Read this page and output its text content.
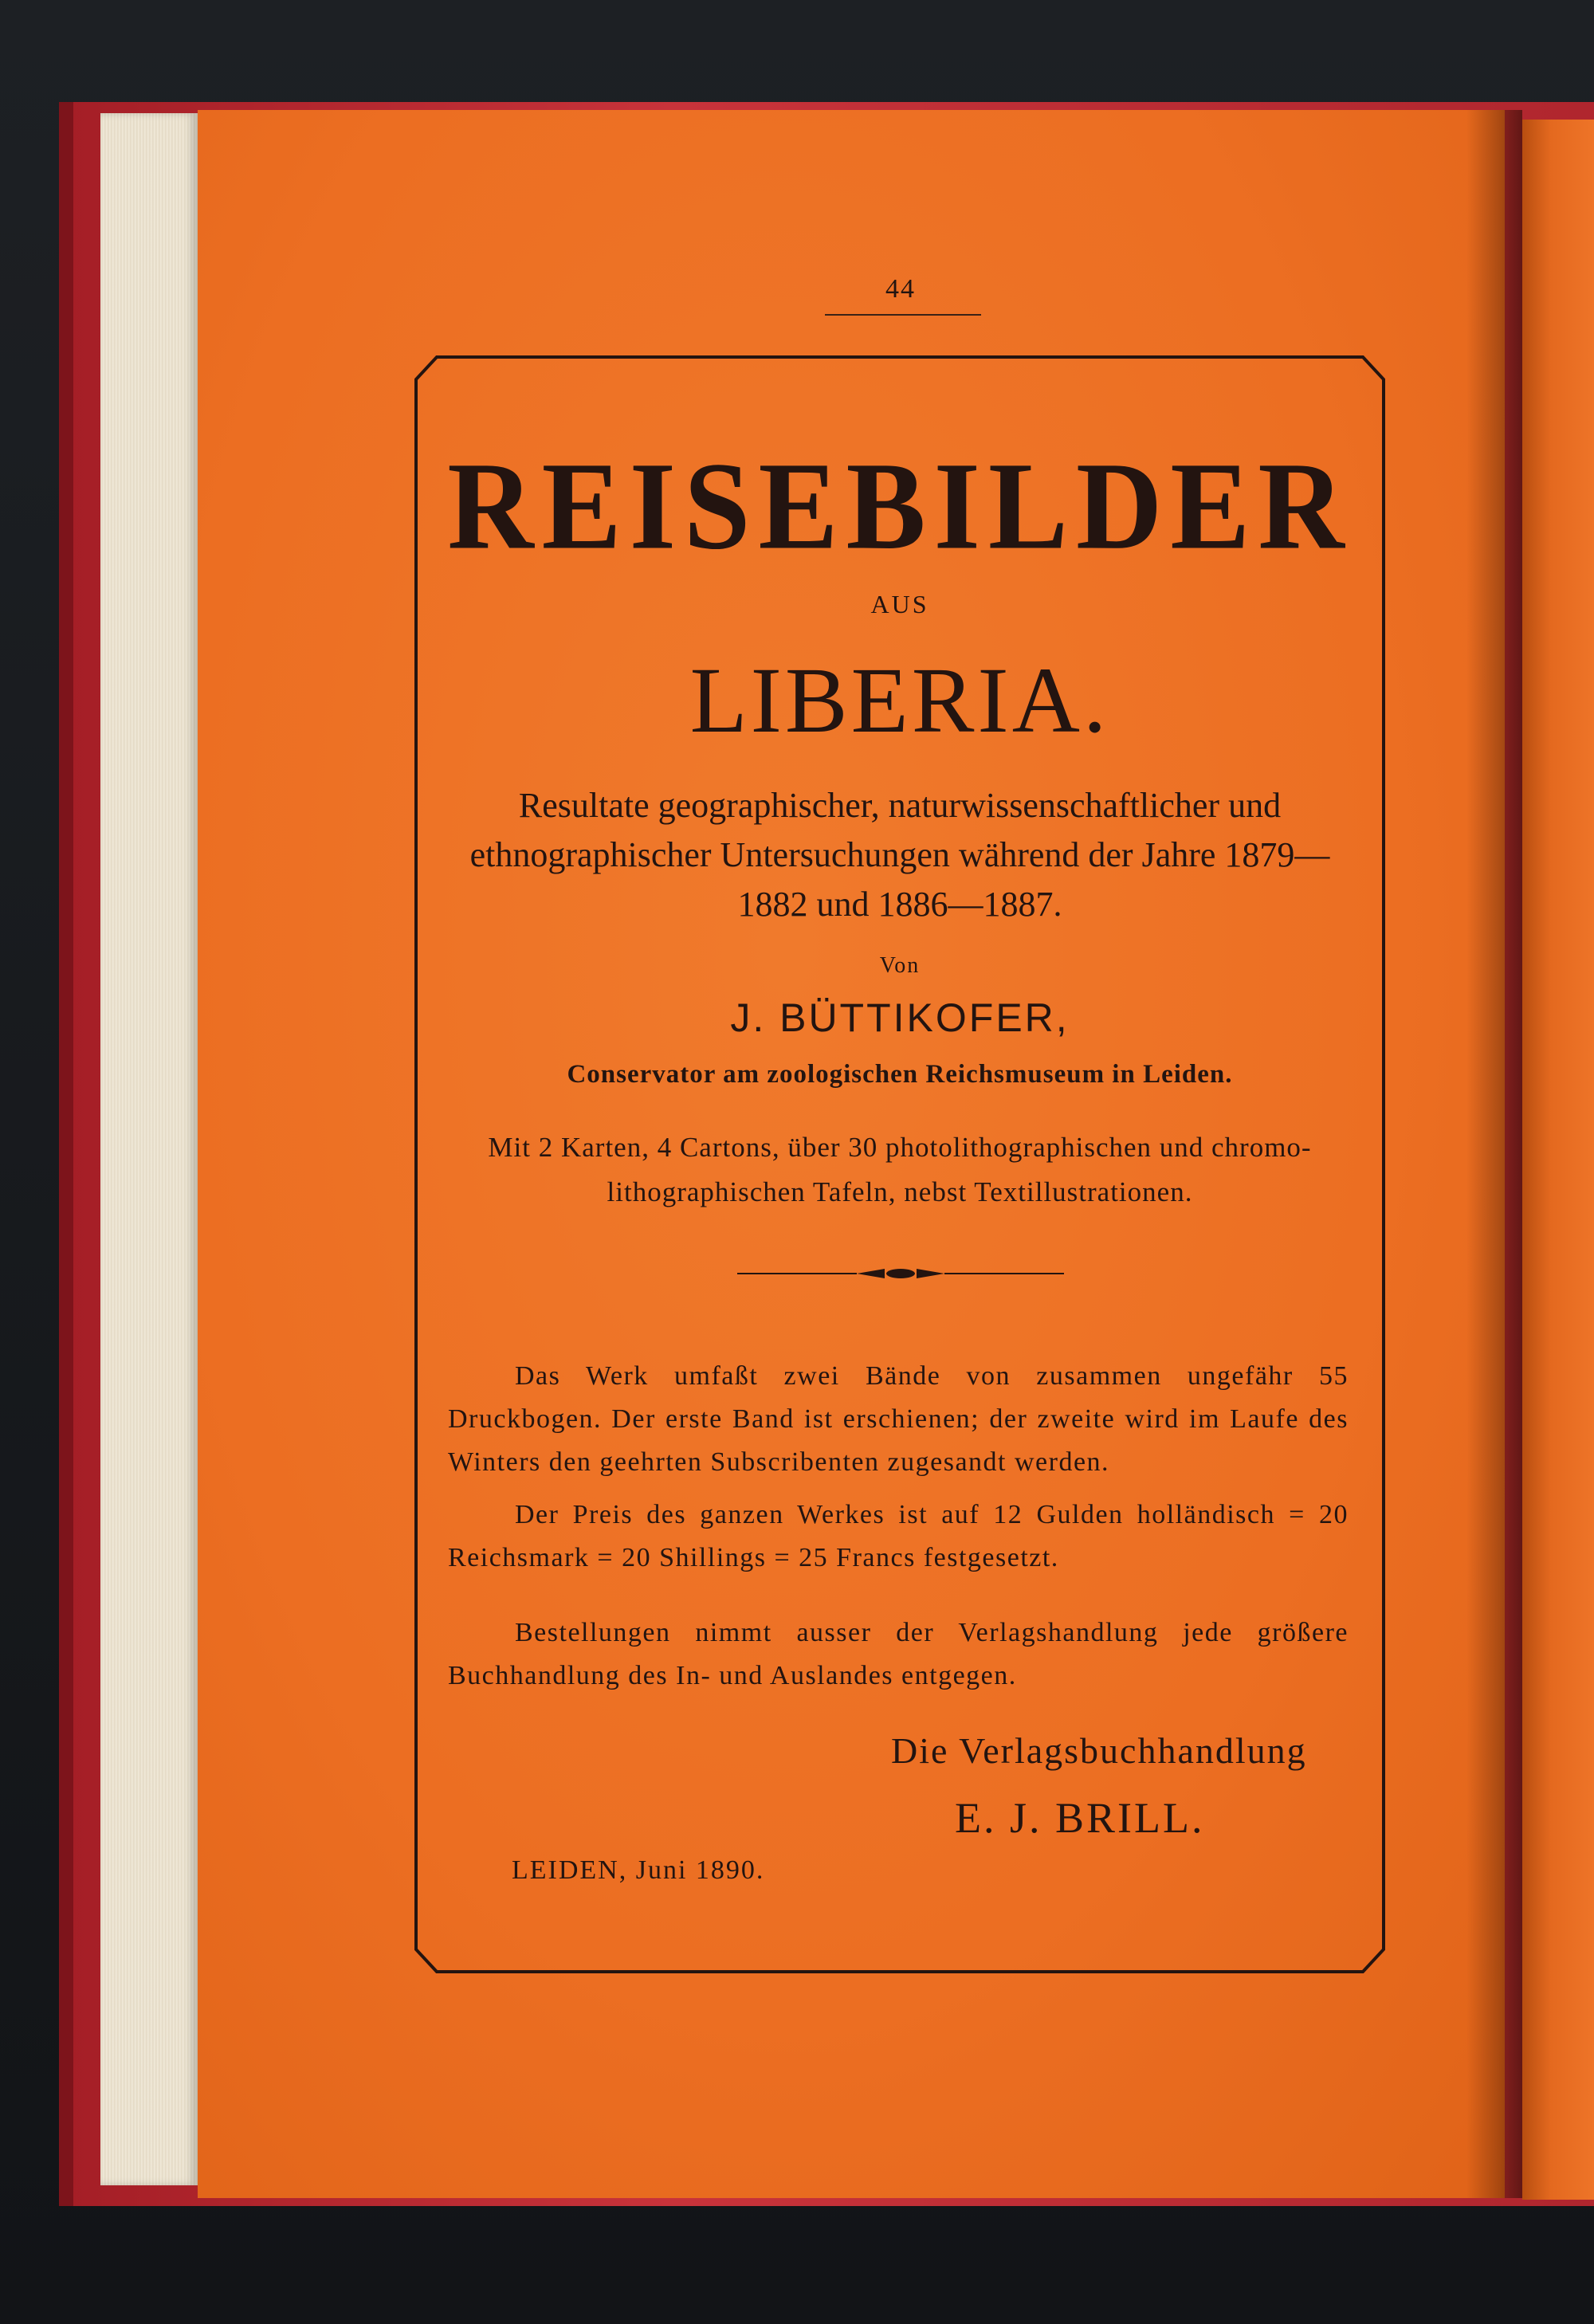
44
REISEBILDER
AUS
LIBERIA.
Resultate geographischer, naturwissenschaftlicher und ethnographischer Untersuchungen während der Jahre 1879—1882 und 1886—1887.
Von
J. BÜTTIKOFER,
Conservator am zoologischen Reichsmuseum in Leiden.
Mit 2 Karten, 4 Cartons, über 30 photolithographischen und chromo-lithographischen Tafeln, nebst Textillustrationen.
Das Werk umfaßt zwei Bände von zusammen ungefähr 55 Druckbogen. Der erste Band ist erschienen; der zweite wird im Laufe des Winters den geehrten Subscribenten zugesandt werden.
Der Preis des ganzen Werkes ist auf 12 Gulden holländisch = 20 Reichsmark = 20 Shillings = 25 Francs festgesetzt.
Bestellungen nimmt ausser der Verlagshandlung jede größere Buchhandlung des In- und Auslandes entgegen.
Die Verlagsbuchhandlung
E. J. BRILL.
LEIDEN, Juni 1890.
